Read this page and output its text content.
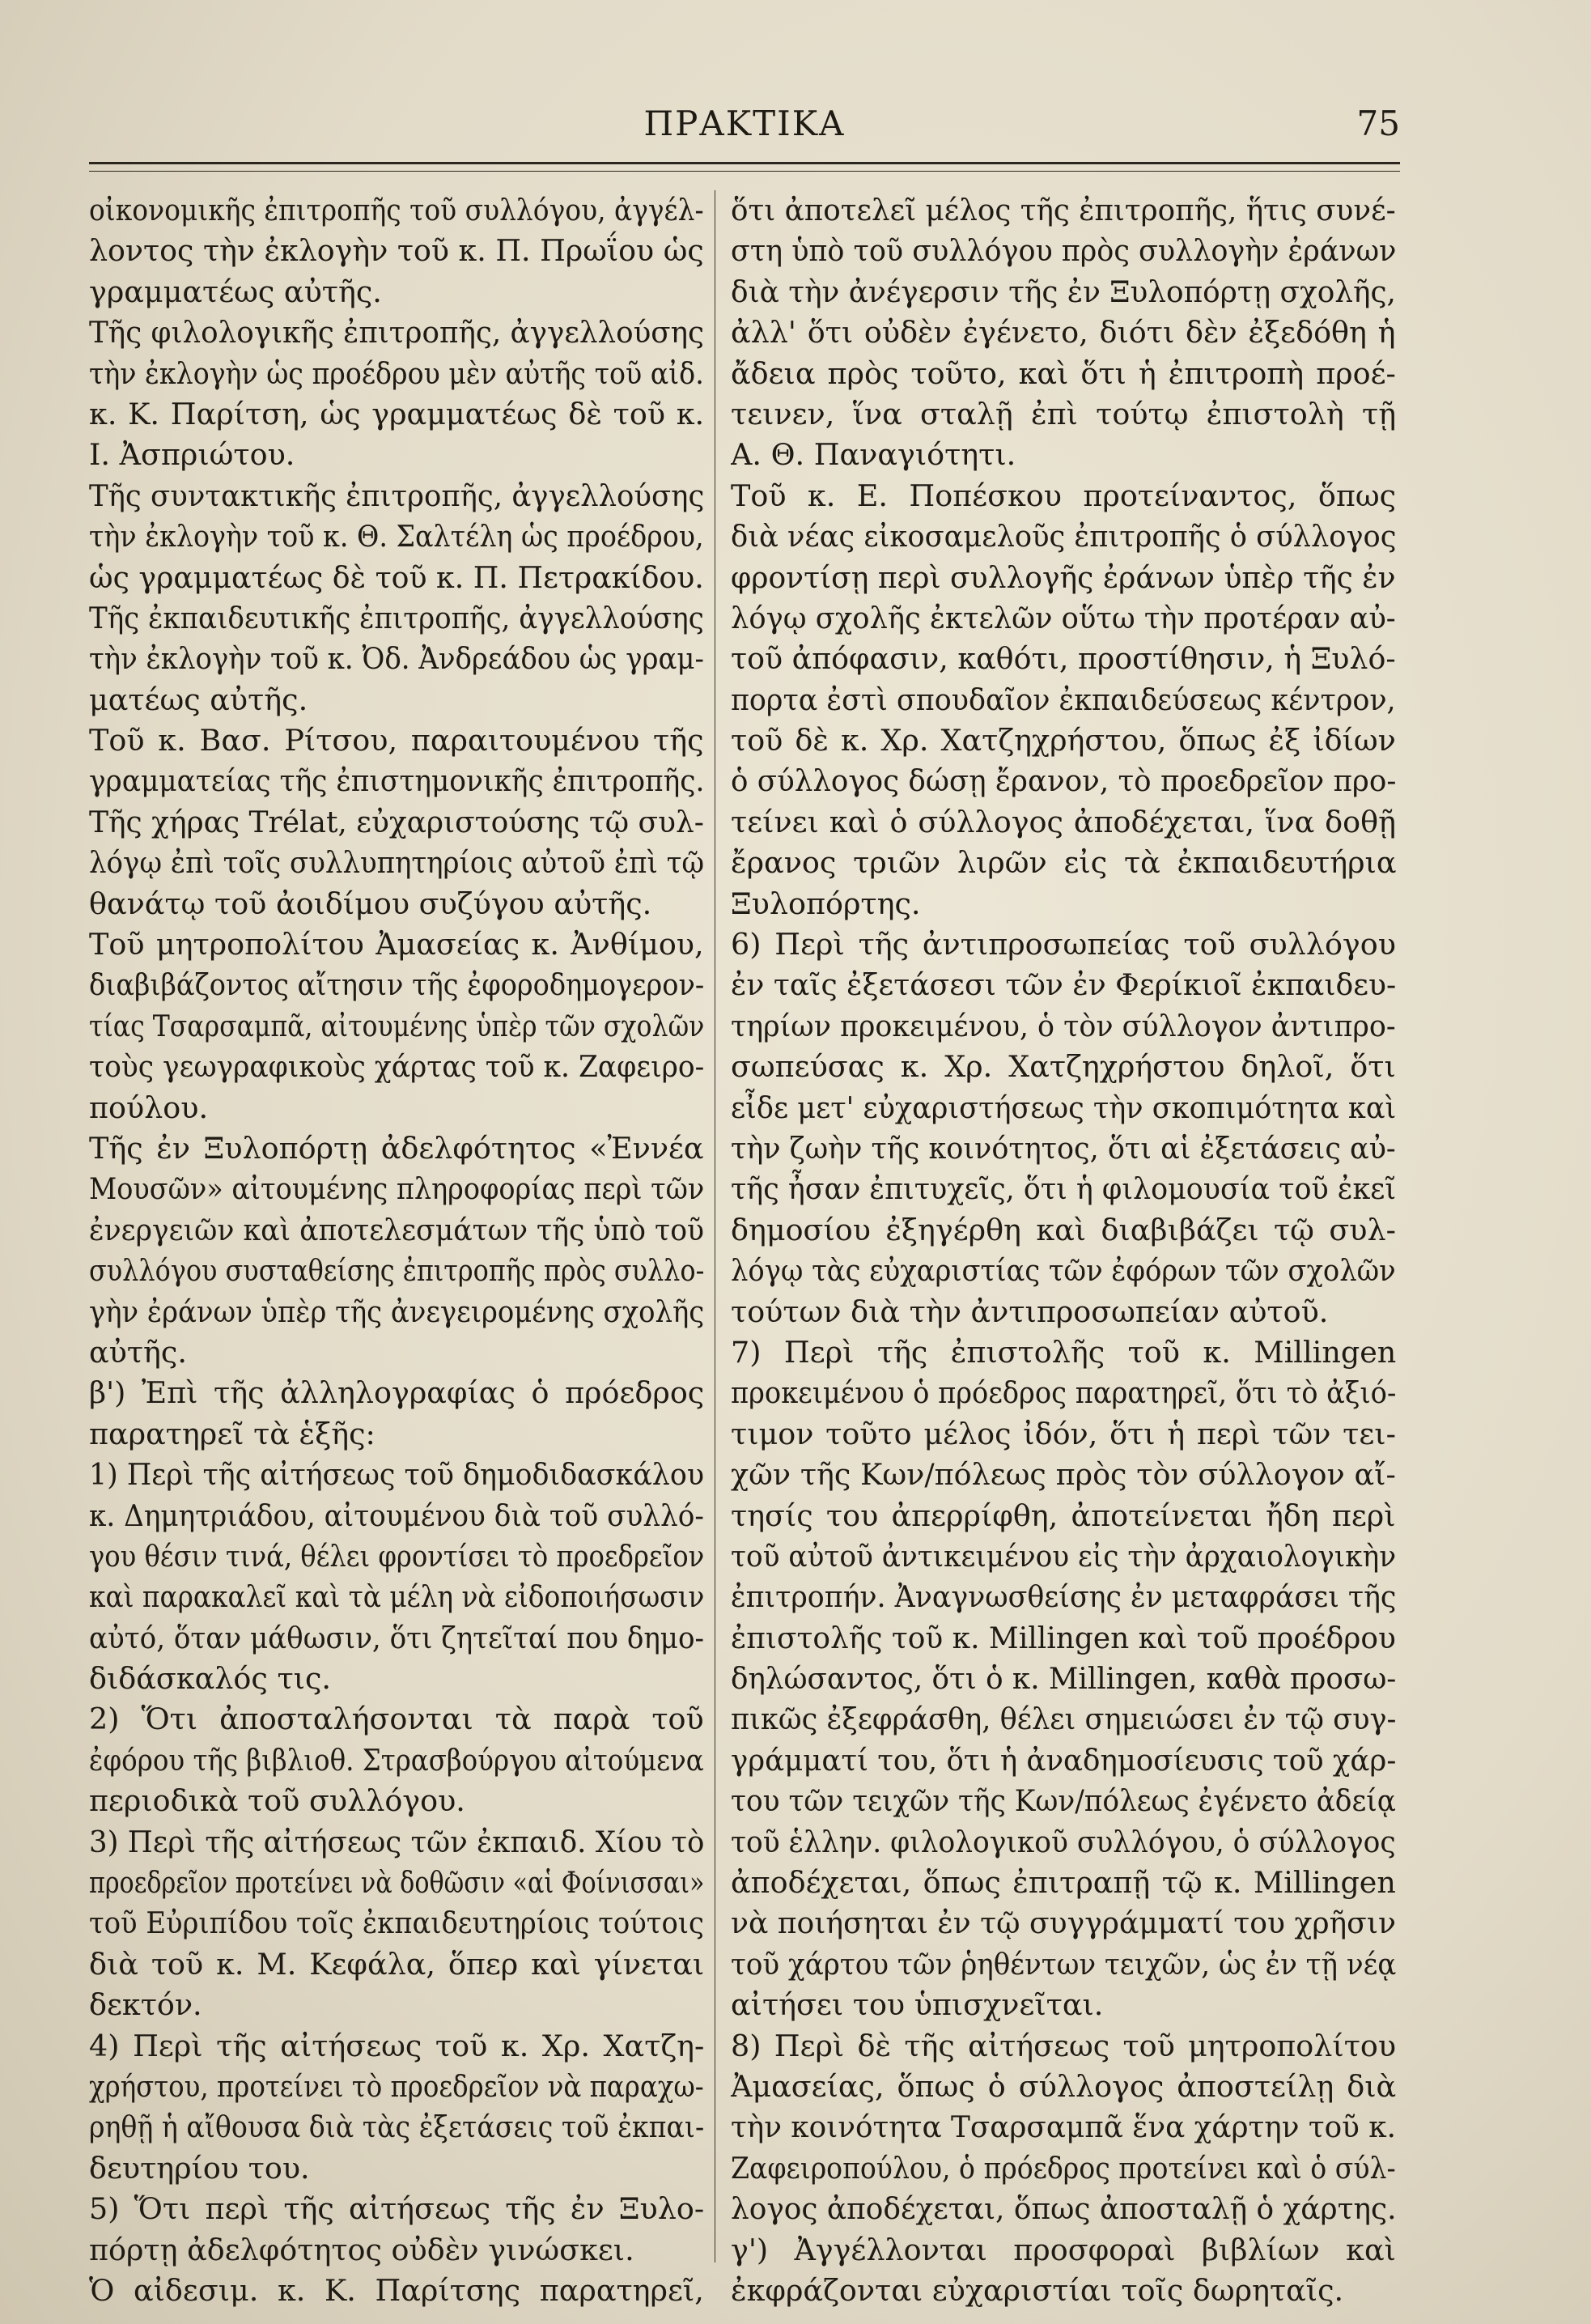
ΠΡΑΚΤΙΚΑ	75
οἰκονομικῆς ἐπιτροπῆς τοῦ συλλόγου, ἀγγέλ-
λοντος τὴν ἐκλογὴν τοῦ κ. Π. Πρωΐου ὡς
γραμματέως αὐτῆς.
Τῆς φιλολογικῆς ἐπιτροπῆς, ἀγγελλούσης
τὴν ἐκλογὴν ὡς προέδρου μὲν αὐτῆς τοῦ αἰδ.
κ. Κ. Παρίτση, ὡς γραμματέως δὲ τοῦ κ.
Ι. Ἀσπριώτου.
Τῆς συντακτικῆς ἐπιτροπῆς, ἀγγελλούσης
τὴν ἐκλογὴν τοῦ κ. Θ. Σαλτέλη ὡς προέδρου,
ὡς γραμματέως δὲ τοῦ κ. Π. Πετρακίδου.
Τῆς ἐκπαιδευτικῆς ἐπιτροπῆς, ἀγγελλούσης
τὴν ἐκλογὴν τοῦ κ. Ὀδ. Ἀνδρεάδου ὡς γραμ-
ματέως αὐτῆς.
Τοῦ κ. Βασ. Ρίτσου, παραιτουμένου τῆς
γραμματείας τῆς ἐπιστημονικῆς ἐπιτροπῆς.
Τῆς χήρας Trélat, εὐχαριστούσης τῷ συλ-
λόγῳ ἐπὶ τοῖς συλλυπητηρίοις αὐτοῦ ἐπὶ τῷ
θανάτῳ τοῦ ἀοιδίμου συζύγου αὐτῆς.
Τοῦ μητροπολίτου Ἀμασείας κ. Ἀνθίμου,
διαβιβάζοντος αἴτησιν τῆς ἐφοροδημογερον-
τίας Τσαρσαμπᾶ, αἰτουμένης ὑπὲρ τῶν σχολῶν
τοὺς γεωγραφικοὺς χάρτας τοῦ κ. Ζαφειρο-
πούλου.
Τῆς ἐν Ξυλοπόρτῃ ἀδελφότητος «Ἐννέα
Μουσῶν» αἰτουμένης πληροφορίας περὶ τῶν
ἐνεργειῶν καὶ ἀποτελεσμάτων τῆς ὑπὸ τοῦ
συλλόγου συσταθείσης ἐπιτροπῆς πρὸς συλλο-
γὴν ἐράνων ὑπὲρ τῆς ἀνεγειρομένης σχολῆς
αὐτῆς.
β') Ἐπὶ τῆς ἀλληλογραφίας ὁ πρόεδρος
παρατηρεῖ τὰ ἑξῆς:
1) Περὶ τῆς αἰτήσεως τοῦ δημοδιδασκάλου
κ. Δημητριάδου, αἰτουμένου διὰ τοῦ συλλό-
γου θέσιν τινά, θέλει φροντίσει τὸ προεδρεῖον
καὶ παρακαλεῖ καὶ τὰ μέλη νὰ εἰδοποιήσωσιν
αὐτό, ὅταν μάθωσιν, ὅτι ζητεῖταί που δημο-
διδάσκαλός τις.
2) Ὅτι ἀποσταλήσονται τὰ παρὰ τοῦ
ἐφόρου τῆς βιβλιοθ. Στρασβούργου αἰτούμενα
περιοδικὰ τοῦ συλλόγου.
3) Περὶ τῆς αἰτήσεως τῶν ἐκπαιδ. Χίου τὸ
προεδρεῖον προτείνει νὰ δοθῶσιν «αἱ Φοίνισσαι»
τοῦ Εὐριπίδου τοῖς ἐκπαιδευτηρίοις τούτοις
διὰ τοῦ κ. Μ. Κεφάλα, ὅπερ καὶ γίνεται
δεκτόν.
4) Περὶ τῆς αἰτήσεως τοῦ κ. Χρ. Χατζη-
χρήστου, προτείνει τὸ προεδρεῖον νὰ παραχω-
ρηθῇ ἡ αἴθουσα διὰ τὰς ἐξετάσεις τοῦ ἐκπαι-
δευτηρίου του.
5) Ὅτι περὶ τῆς αἰτήσεως τῆς ἐν Ξυλο-
πόρτῃ ἀδελφότητος οὐδὲν γινώσκει.
Ὁ αἰδεσιμ. κ. Κ. Παρίτσης παρατηρεῖ,
ὅτι ἀποτελεῖ μέλος τῆς ἐπιτροπῆς, ἥτις συνέ-
στη ὑπὸ τοῦ συλλόγου πρὸς συλλογὴν ἐράνων
διὰ τὴν ἀνέγερσιν τῆς ἐν Ξυλοπόρτῃ σχολῆς,
ἀλλ' ὅτι οὐδὲν ἐγένετο, διότι δὲν ἐξεδόθη ἡ
ἄδεια πρὸς τοῦτο, καὶ ὅτι ἡ ἐπιτροπὴ προέ-
τεινεν, ἵνα σταλῇ ἐπὶ τούτῳ ἐπιστολὴ τῇ
Α. Θ. Παναγιότητι.
Τοῦ κ. Ε. Ποπέσκου προτείναντος, ὅπως
διὰ νέας εἰκοσαμελοῦς ἐπιτροπῆς ὁ σύλλογος
φροντίσῃ περὶ συλλογῆς ἐράνων ὑπὲρ τῆς ἐν
λόγῳ σχολῆς ἐκτελῶν οὕτω τὴν προτέραν αὐ-
τοῦ ἀπόφασιν, καθότι, προστίθησιν, ἡ Ξυλό-
πορτα ἐστὶ σπουδαῖον ἐκπαιδεύσεως κέντρον,
τοῦ δὲ κ. Χρ. Χατζηχρήστου, ὅπως ἐξ ἰδίων
ὁ σύλλογος δώσῃ ἔρανον, τὸ προεδρεῖον προ-
τείνει καὶ ὁ σύλλογος ἀποδέχεται, ἵνα δοθῇ
ἔρανος τριῶν λιρῶν εἰς τὰ ἐκπαιδευτήρια
Ξυλοπόρτης.
6) Περὶ τῆς ἀντιπροσωπείας τοῦ συλλόγου
ἐν ταῖς ἐξετάσεσι τῶν ἐν Φερίκιοῖ ἐκπαιδευ-
τηρίων προκειμένου, ὁ τὸν σύλλογον ἀντιπρο-
σωπεύσας κ. Χρ. Χατζηχρήστου δηλοῖ, ὅτι
εἶδε μετ' εὐχαριστήσεως τὴν σκοπιμότητα καὶ
τὴν ζωὴν τῆς κοινότητος, ὅτι αἱ ἐξετάσεις αὐ-
τῆς ἦσαν ἐπιτυχεῖς, ὅτι ἡ φιλομουσία τοῦ ἐκεῖ
δημοσίου ἐξηγέρθη καὶ διαβιβάζει τῷ συλ-
λόγῳ τὰς εὐχαριστίας τῶν ἐφόρων τῶν σχολῶν
τούτων διὰ τὴν ἀντιπροσωπείαν αὐτοῦ.
7) Περὶ τῆς ἐπιστολῆς τοῦ κ. Millingen
προκειμένου ὁ πρόεδρος παρατηρεῖ, ὅτι τὸ ἀξιό-
τιμον τοῦτο μέλος ἰδόν, ὅτι ἡ περὶ τῶν τει-
χῶν τῆς Κων/πόλεως πρὸς τὸν σύλλογον αἴ-
τησίς του ἀπερρίφθη, ἀποτείνεται ἤδη περὶ
τοῦ αὐτοῦ ἀντικειμένου εἰς τὴν ἀρχαιολογικὴν
ἐπιτροπήν. Ἀναγνωσθείσης ἐν μεταφράσει τῆς
ἐπιστολῆς τοῦ κ. Millingen καὶ τοῦ προέδρου
δηλώσαντος, ὅτι ὁ κ. Millingen, καθὰ προσω-
πικῶς ἐξεφράσθη, θέλει σημειώσει ἐν τῷ συγ-
γράμματί του, ὅτι ἡ ἀναδημοσίευσις τοῦ χάρ-
του τῶν τειχῶν τῆς Κων/πόλεως ἐγένετο ἀδείᾳ
τοῦ ἑλλην. φιλολογικοῦ συλλόγου, ὁ σύλλογος
ἀποδέχεται, ὅπως ἐπιτραπῇ τῷ κ. Millingen
νὰ ποιήσηται ἐν τῷ συγγράμματί του χρῆσιν
τοῦ χάρτου τῶν ῥηθέντων τειχῶν, ὡς ἐν τῇ νέᾳ
αἰτήσει του ὑπισχνεῖται.
8) Περὶ δὲ τῆς αἰτήσεως τοῦ μητροπολίτου
Ἀμασείας, ὅπως ὁ σύλλογος ἀποστείλῃ διὰ
τὴν κοινότητα Τσαρσαμπᾶ ἕνα χάρτην τοῦ κ.
Ζαφειροπούλου, ὁ πρόεδρος προτείνει καὶ ὁ σύλ-
λογος ἀποδέχεται, ὅπως ἀποσταλῇ ὁ χάρτης.
γ') Ἀγγέλλονται προσφοραὶ βιβλίων καὶ
ἐκφράζονται εὐχαριστίαι τοῖς δωρηταῖς.
